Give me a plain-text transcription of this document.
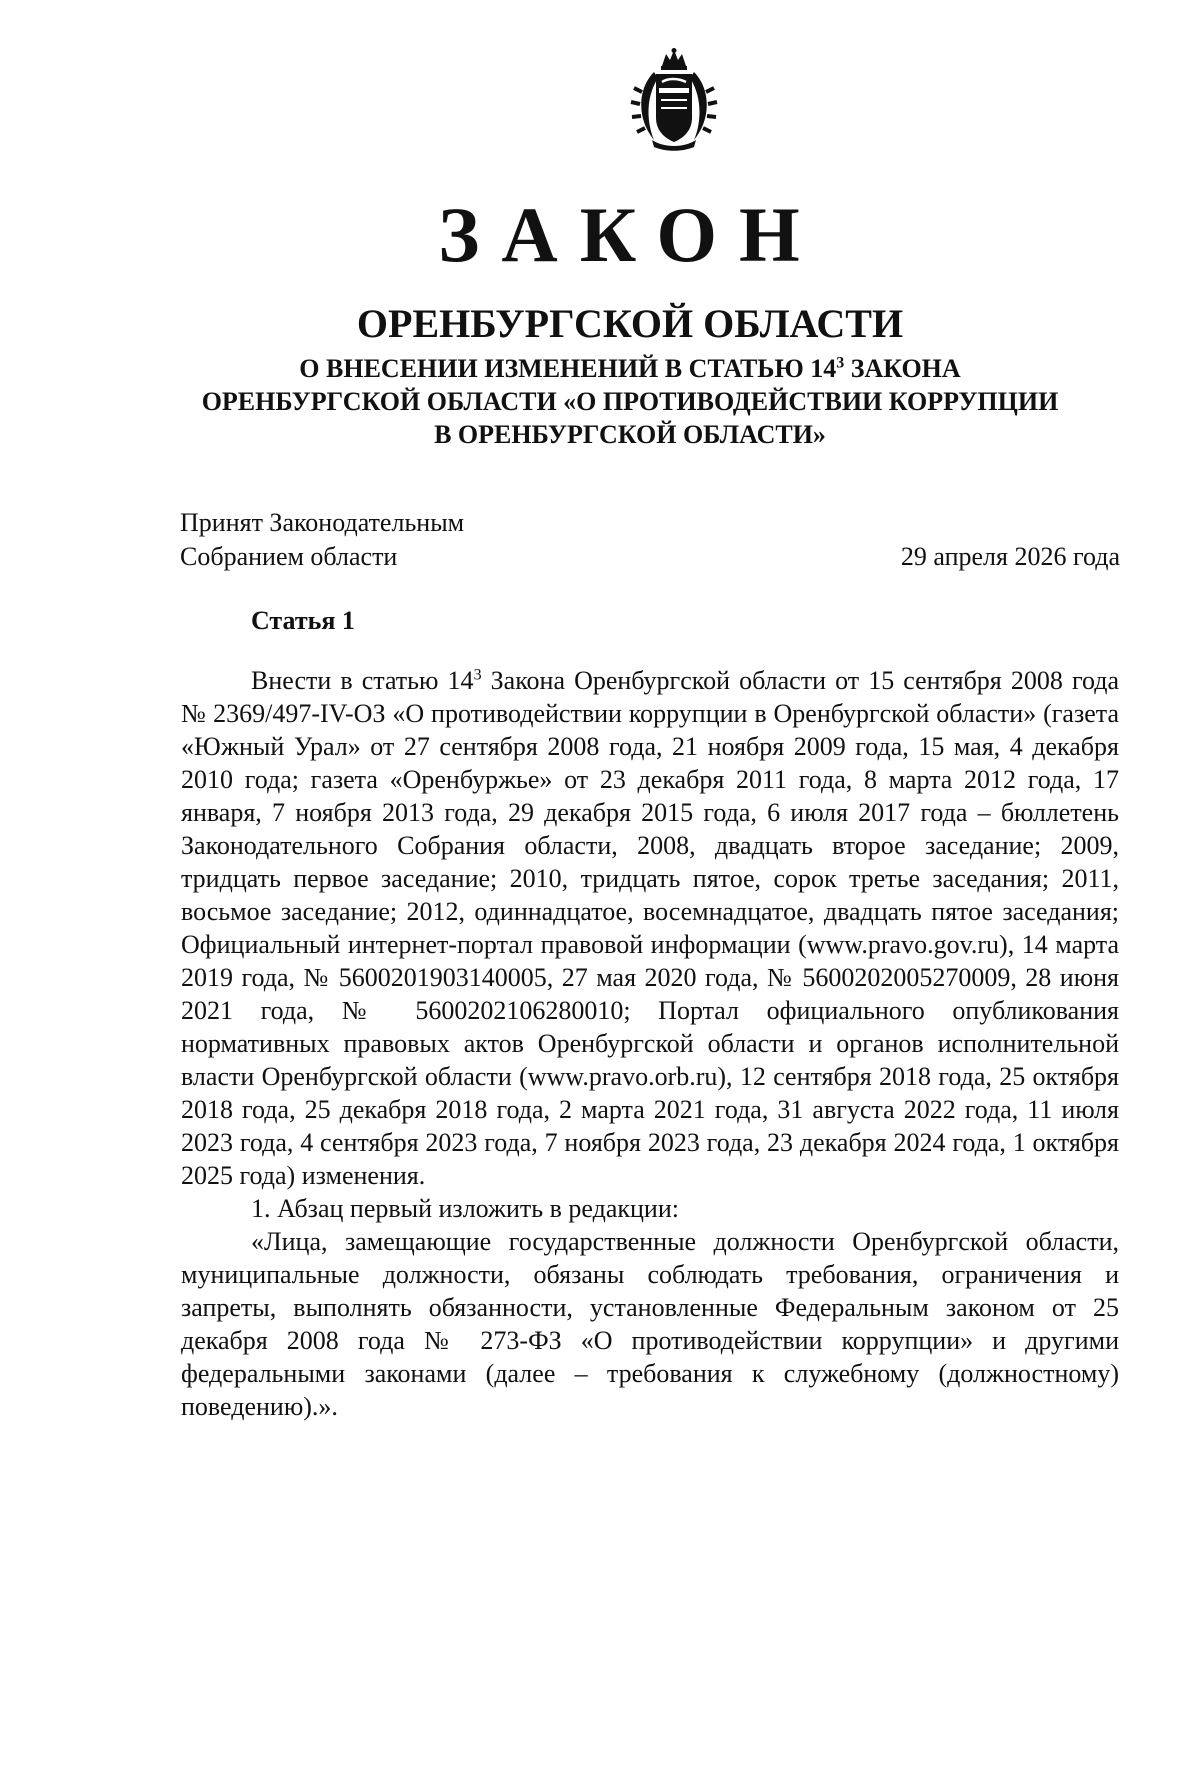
ЗАКОН
ОРЕНБУРГСКОЙ ОБЛАСТИ
О ВНЕСЕНИИ ИЗМЕНЕНИЙ В СТАТЬЮ $14^3$ ЗАКОНА
ОРЕНБУРГСКОЙ ОБЛАСТИ «О ПРОТИВОДЕЙСТВИИ КОРРУПЦИИ
В ОРЕНБУРГСКОЙ ОБЛАСТИ»
Принят Законодательным
Собранием области	29 апреля 2026 года
Статья 1

Внести в статью $14^3$ Закона Оренбургской области от 15 сентября 2008 года № 2369/497-IV-ОЗ «О противодействии коррупции в Оренбургской области» (газета «Южный Урал» от 27 сентября 2008 года, 21 ноября 2009 года, 15 мая, 4 декабря 2010 года; газета «Оренбуржье» от 23 декабря 2011 года, 8 марта 2012 года, 17 января, 7 ноября 2013 года, 29 декабря 2015 года, 6 июля 2017 года – бюллетень Законодательного Собрания области, 2008, двадцать второе заседание; 2009, тридцать первое заседание; 2010, тридцать пятое, сорок третье заседания; 2011, восьмое заседание; 2012, одиннадцатое, восемнадцатое, двадцать пятое заседания; Официальный интернет-портал правовой информации (www.pravo.gov.ru), 14 марта 2019 года, № 5600201903140005, 27 мая 2020 года, № 5600202005270009, 28 июня 2021 года, № 5600202106280010; Портал официального опубликования нормативных правовых актов Оренбургской области и органов исполнительной власти Оренбургской области (www.pravo.orb.ru), 12 сентября 2018 года, 25 октября 2018 года, 25 декабря 2018 года, 2 марта 2021 года, 31 августа 2022 года, 11 июля 2023 года, 4 сентября 2023 года, 7 ноября 2023 года, 23 декабря 2024 года, 1 октября 2025 года) изменения.

1. Абзац первый изложить в редакции:

«Лица, замещающие государственные должности Оренбургской области, муниципальные должности, обязаны соблюдать требования, ограничения и запреты, выполнять обязанности, установленные Федеральным законом от 25 декабря 2008 года № 273-ФЗ «О противодействии коррупции» и другими федеральными законами (далее – требования к служебному (должностному) поведению).».
